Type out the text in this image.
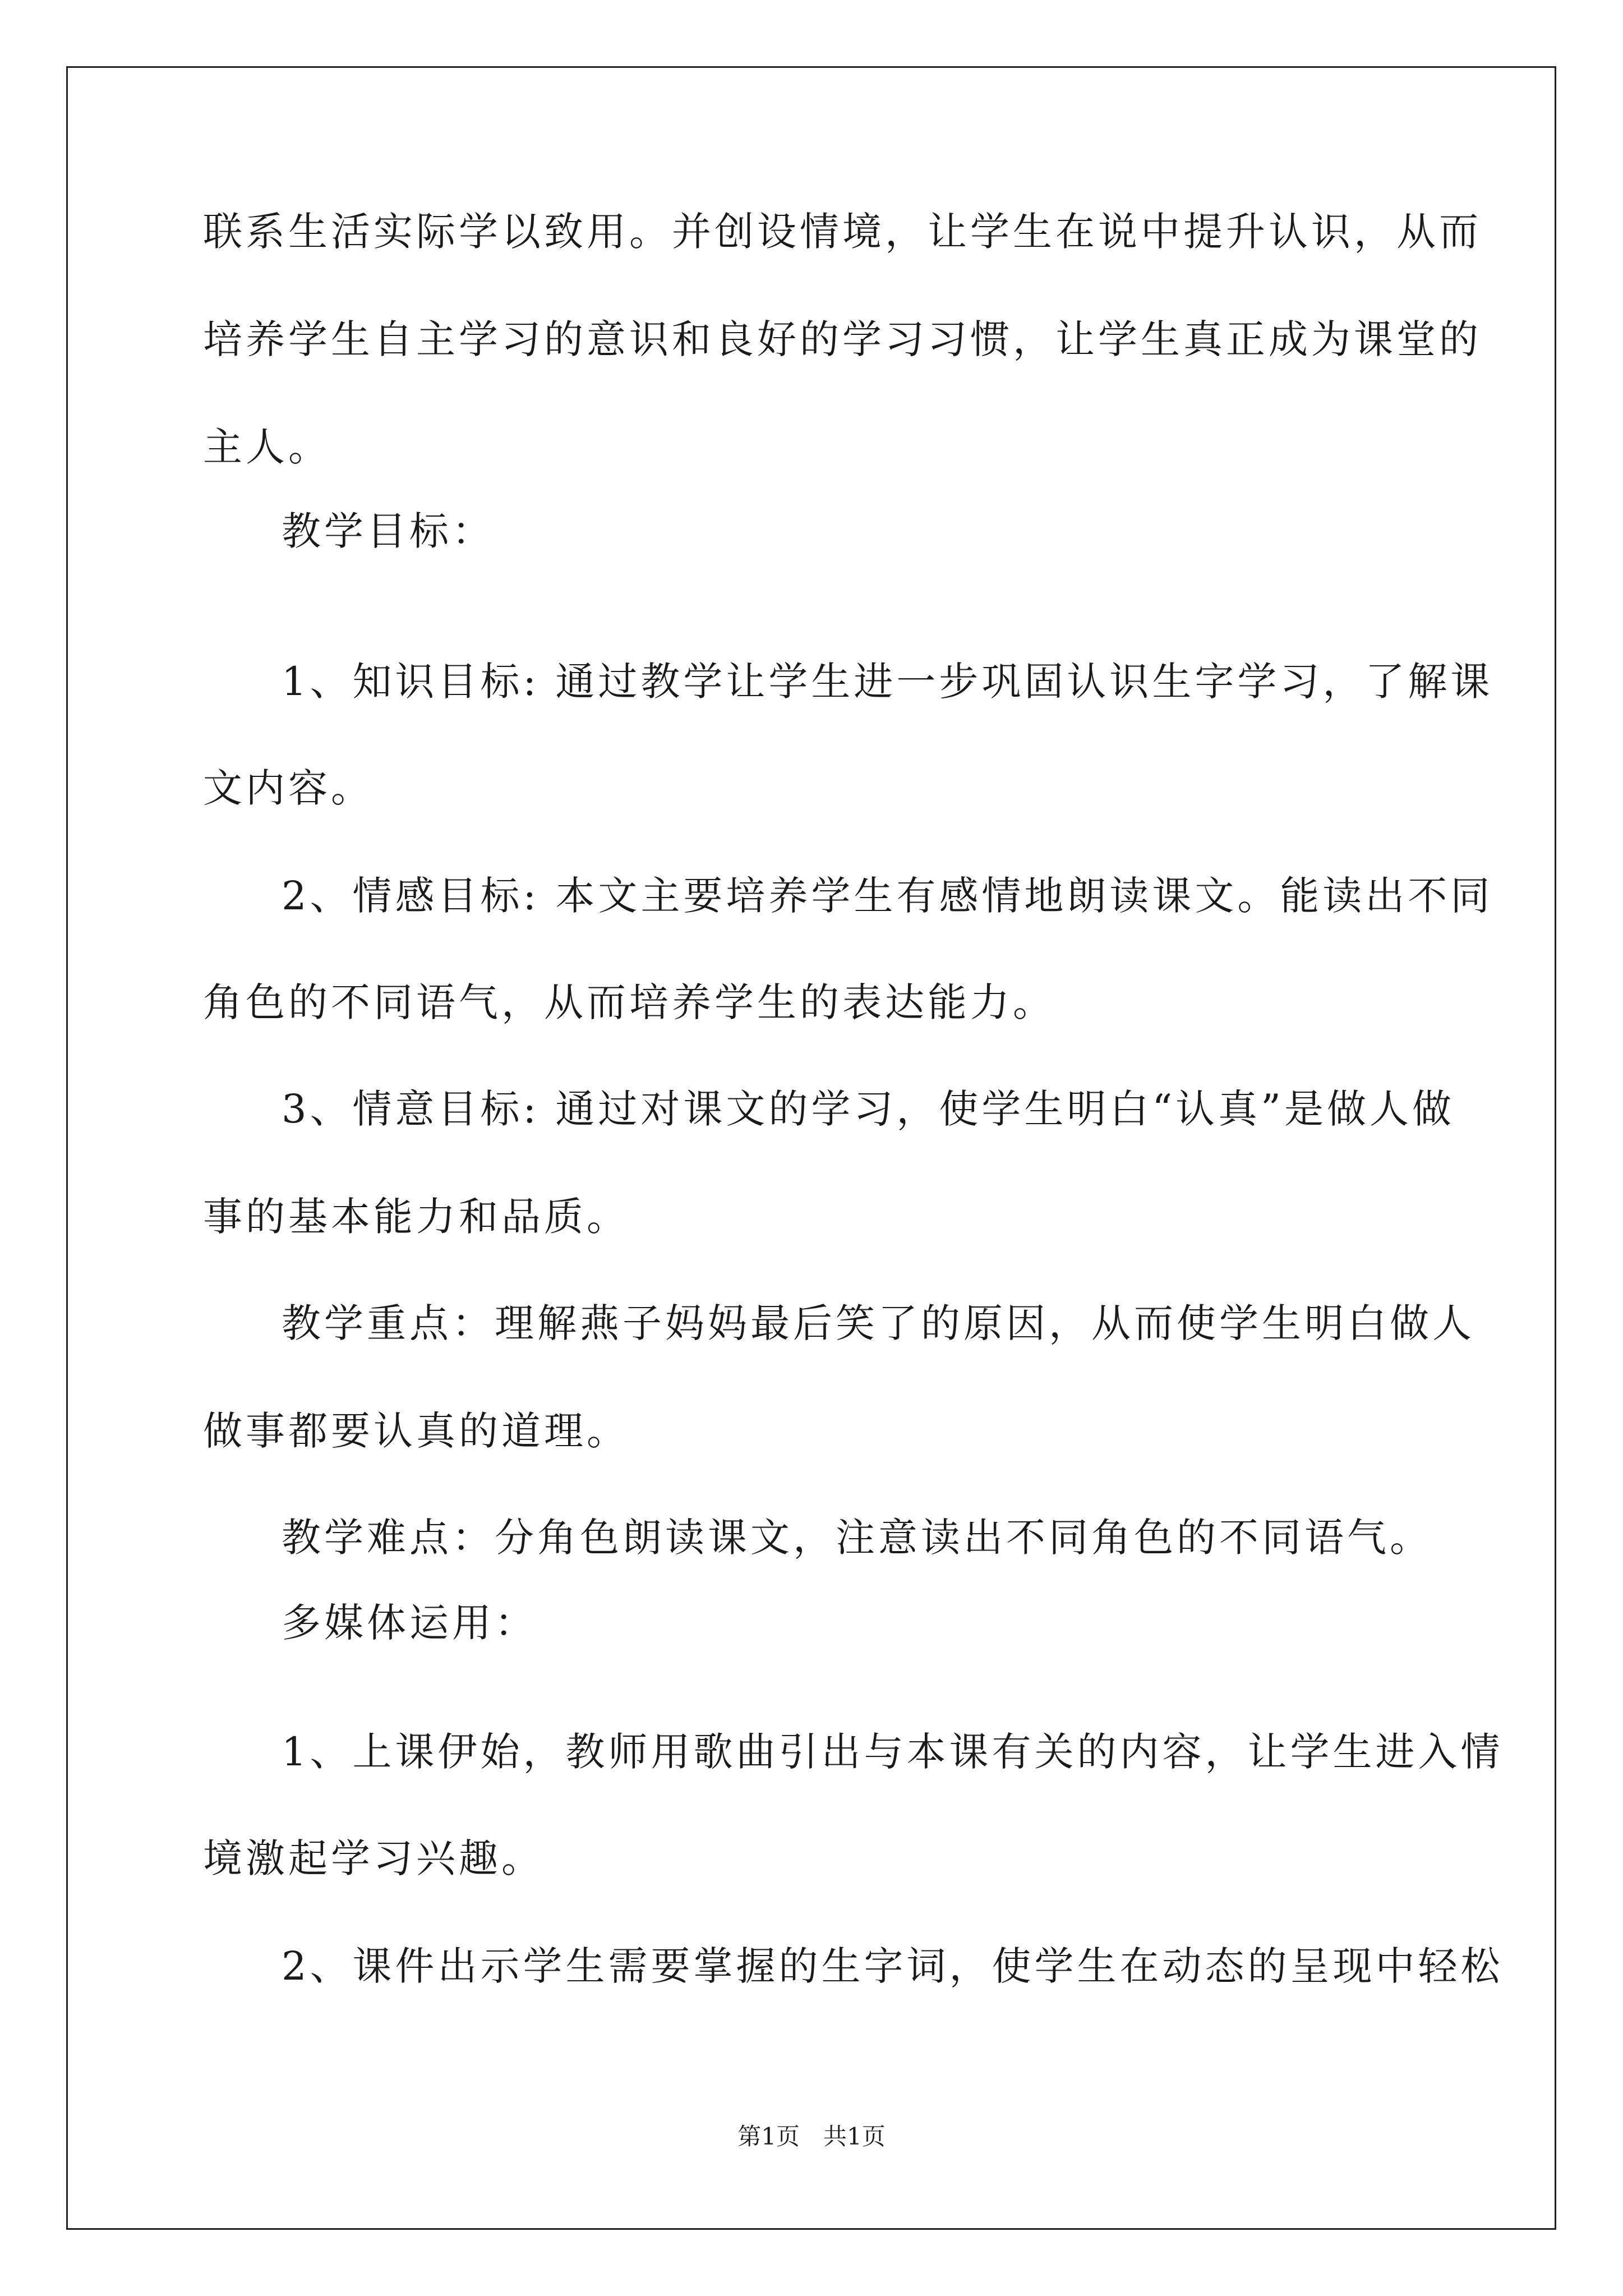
联系生活实际学以致用。并创设情境，让学生在说中提升认识，从而
培养学生自主学习的意识和良好的学习习惯，让学生真正成为课堂的
主人。
教学目标：
1、知识目标: 通过教学让学生进一步巩固认识生字学习，了解课
文内容。
2、情感目标: 本文主要培养学生有感情地朗读课文。能读出不同
角色的不同语气，从而培养学生的表达能力。
3、情意目标: 通过对课文的学习，使学生明白“认真”是做人做
事的基本能力和品质。
教学重点：理解燕子妈妈最后笑了的原因，从而使学生明白做人
做事都要认真的道理。
教学难点：分角色朗读课文，注意读出不同角色的不同语气。
多媒体运用：
1、上课伊始，教师用歌曲引出与本课有关的内容，让学生进入情
境激起学习兴趣。
2、课件出示学生需要掌握的生字词，使学生在动态的呈现中轻松
第1页　共1页
